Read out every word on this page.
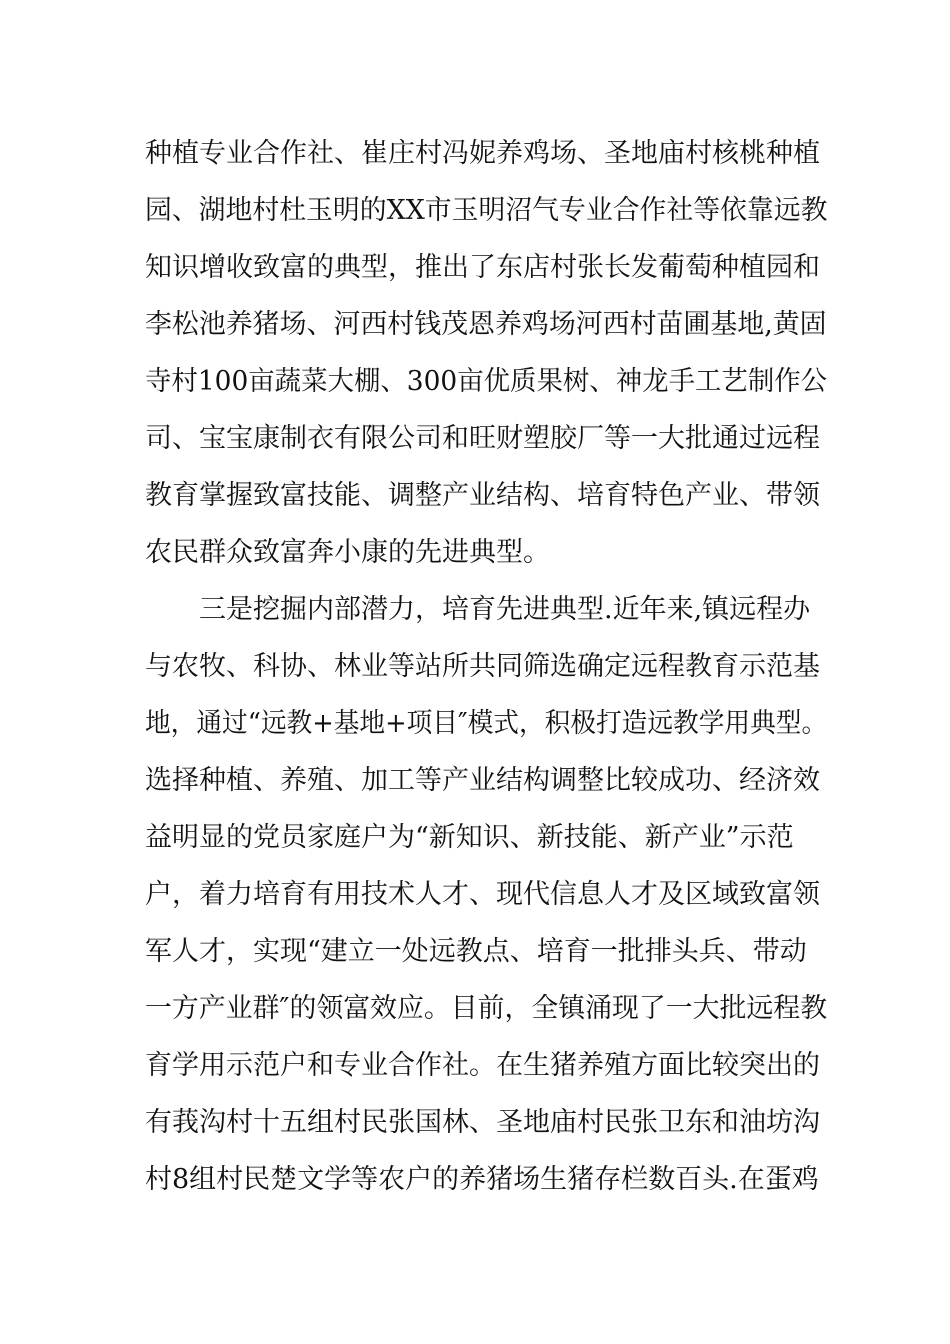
种植专业合作社、崔庄村冯妮养鸡场、圣地庙村核桃种植
园、湖地村杜玉明的XX市玉明沼气专业合作社等依靠远教
知识增收致富的典型，推出了东店村张长发葡萄种植园和
李松池养猪场、河西村钱茂恩养鸡场河西村苗圃基地,黄固
寺村100亩蔬菜大棚、300亩优质果树、神龙手工艺制作公
司、宝宝康制衣有限公司和旺财塑胶厂等一大批通过远程
教育掌握致富技能、调整产业结构、培育特色产业、带领
农民群众致富奔小康的先进典型。
三是挖掘内部潜力，培育先进典型.近年来,镇远程办
与农牧、科协、林业等站所共同筛选确定远程教育示范基
地，通过“远教+基地+项目″模式，积极打造远教学用典型。
选择种植、养殖、加工等产业结构调整比较成功、经济效
益明显的党员家庭户为“新知识、新技能、新产业”示范
户，着力培育有用技术人才、现代信息人才及区域致富领
军人才，实现“建立一处远教点、培育一批排头兵、带动
一方产业群″的领富效应。目前，全镇涌现了一大批远程教
育学用示范户和专业合作社。在生猪养殖方面比较突出的
有莪沟村十五组村民张国林、圣地庙村民张卫东和油坊沟
村8组村民楚文学等农户的养猪场生猪存栏数百头.在蛋鸡
